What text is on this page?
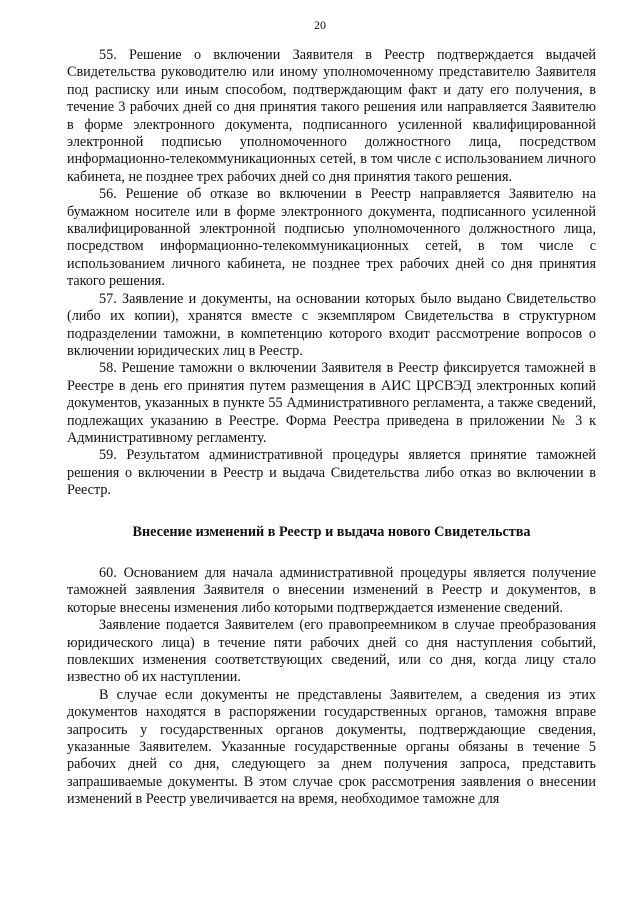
20

55. Решение о включении Заявителя в Реестр подтверждается выдачей Свидетельства руководителю или иному уполномоченному представителю Заявителя под расписку или иным способом, подтверждающим факт и дату его получения, в течение 3 рабочих дней со дня принятия такого решения или направляется Заявителю в форме электронного документа, подписанного усиленной квалифицированной электронной подписью уполномоченного должностного лица, посредством информационно-телекоммуникационных сетей, в том числе с использованием личного кабинета, не позднее трех рабочих дней со дня принятия такого решения.

56. Решение об отказе во включении в Реестр направляется Заявителю на бумажном носителе или в форме электронного документа, подписанного усиленной квалифицированной электронной подписью уполномоченного должностного лица, посредством информационно-телекоммуникационных сетей, в том числе с использованием личного кабинета, не позднее трех рабочих дней со дня принятия такого решения.

57. Заявление и документы, на основании которых было выдано Свидетельство (либо их копии), хранятся вместе с экземпляром Свидетельства в структурном подразделении таможни, в компетенцию которого входит рассмотрение вопросов о включении юридических лиц в Реестр.

58. Решение таможни о включении Заявителя в Реестр фиксируется таможней в Реестре в день его принятия путем размещения в АИС ЦРСВЭД электронных копий документов, указанных в пункте 55 Административного регламента, а также сведений, подлежащих указанию в Реестре. Форма Реестра приведена в приложении № 3 к Административному регламенту.

59. Результатом административной процедуры является принятие таможней решения о включении в Реестр и выдача Свидетельства либо отказ во включении в Реестр.

Внесение изменений в Реестр и выдача нового Свидетельства

60. Основанием для начала административной процедуры является получение таможней заявления Заявителя о внесении изменений в Реестр и документов, в которые внесены изменения либо которыми подтверждается изменение сведений.

Заявление подается Заявителем (его правопреемником в случае преобразования юридического лица) в течение пяти рабочих дней со дня наступления событий, повлекших изменения соответствующих сведений, или со дня, когда лицу стало известно об их наступлении.

В случае если документы не представлены Заявителем, а сведения из этих документов находятся в распоряжении государственных органов, таможня вправе запросить у государственных органов документы, подтверждающие сведения, указанные Заявителем. Указанные государственные органы обязаны в течение 5 рабочих дней со дня, следующего за днем получения запроса, представить запрашиваемые документы. В этом случае срок рассмотрения заявления о внесении изменений в Реестр увеличивается на время, необходимое таможне для
